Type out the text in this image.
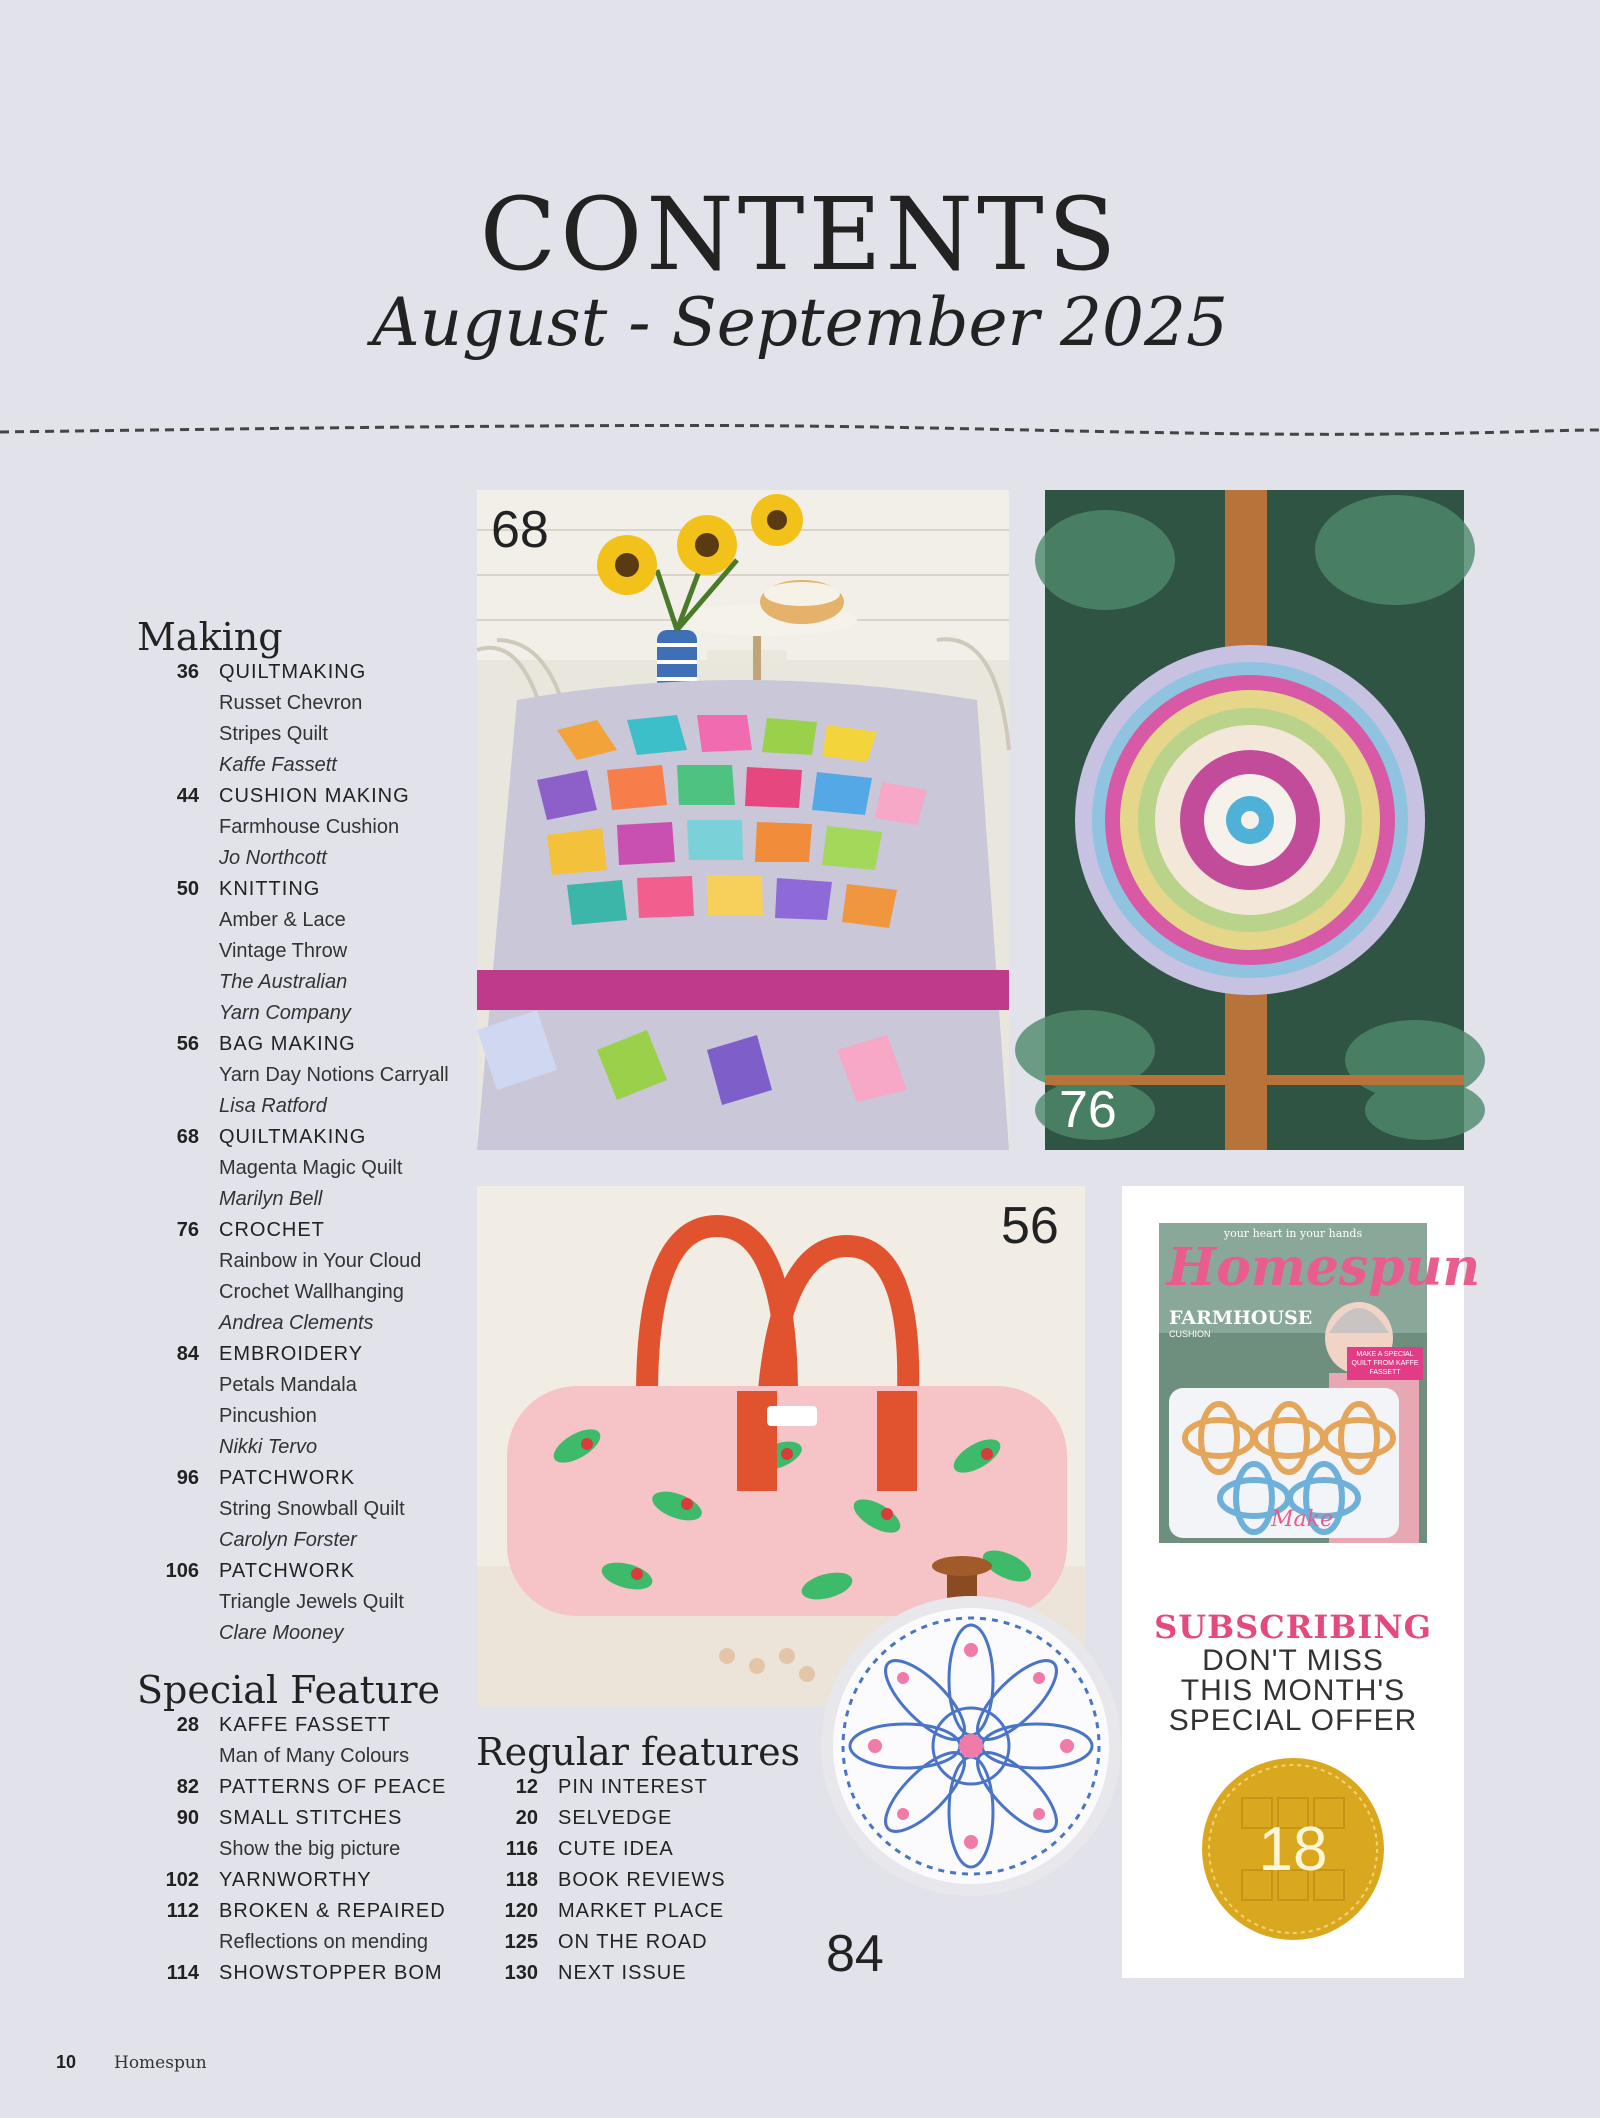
CONTENTS
August - September 2025
Making
36 QUILTMAKING
Russet Chevron
Stripes Quilt
Kaffe Fassett
44 CUSHION MAKING
Farmhouse Cushion
Jo Northcott
50 KNITTING
Amber & Lace
Vintage Throw
The Australian
Yarn Company
56 BAG MAKING
Yarn Day Notions Carryall
Lisa Ratford
68 QUILTMAKING
Magenta Magic Quilt
Marilyn Bell
76 CROCHET
Rainbow in Your Cloud
Crochet Wallhanging
Andrea Clements
84 EMBROIDERY
Petals Mandala
Pincushion
Nikki Tervo
96 PATCHWORK
String Snowball Quilt
Carolyn Forster
106 PATCHWORK
Triangle Jewels Quilt
Clare Mooney
Special Feature
28 KAFFE FASSETT
Man of Many Colours
82 PATTERNS OF PEACE
90 SMALL STITCHES
Show the big picture
102 YARNWORTHY
112 BROKEN & REPAIRED
Reflections on mending
114 SHOWSTOPPER BOM
Regular features
12 PIN INTEREST
20 SELVEDGE
116 CUTE IDEA
118 BOOK REVIEWS
120 MARKET PLACE
125 ON THE ROAD
130 NEXT ISSUE
68
76
56
84
your heart in your hands
Homespun
FARMHOUSE
CUSHION
MAKE A SPECIAL QUILT FROM KAFFE FASSETT
Make
SUBSCRIBING
DON'T MISS
THIS MONTH'S
SPECIAL OFFER
18
10 Homespun
